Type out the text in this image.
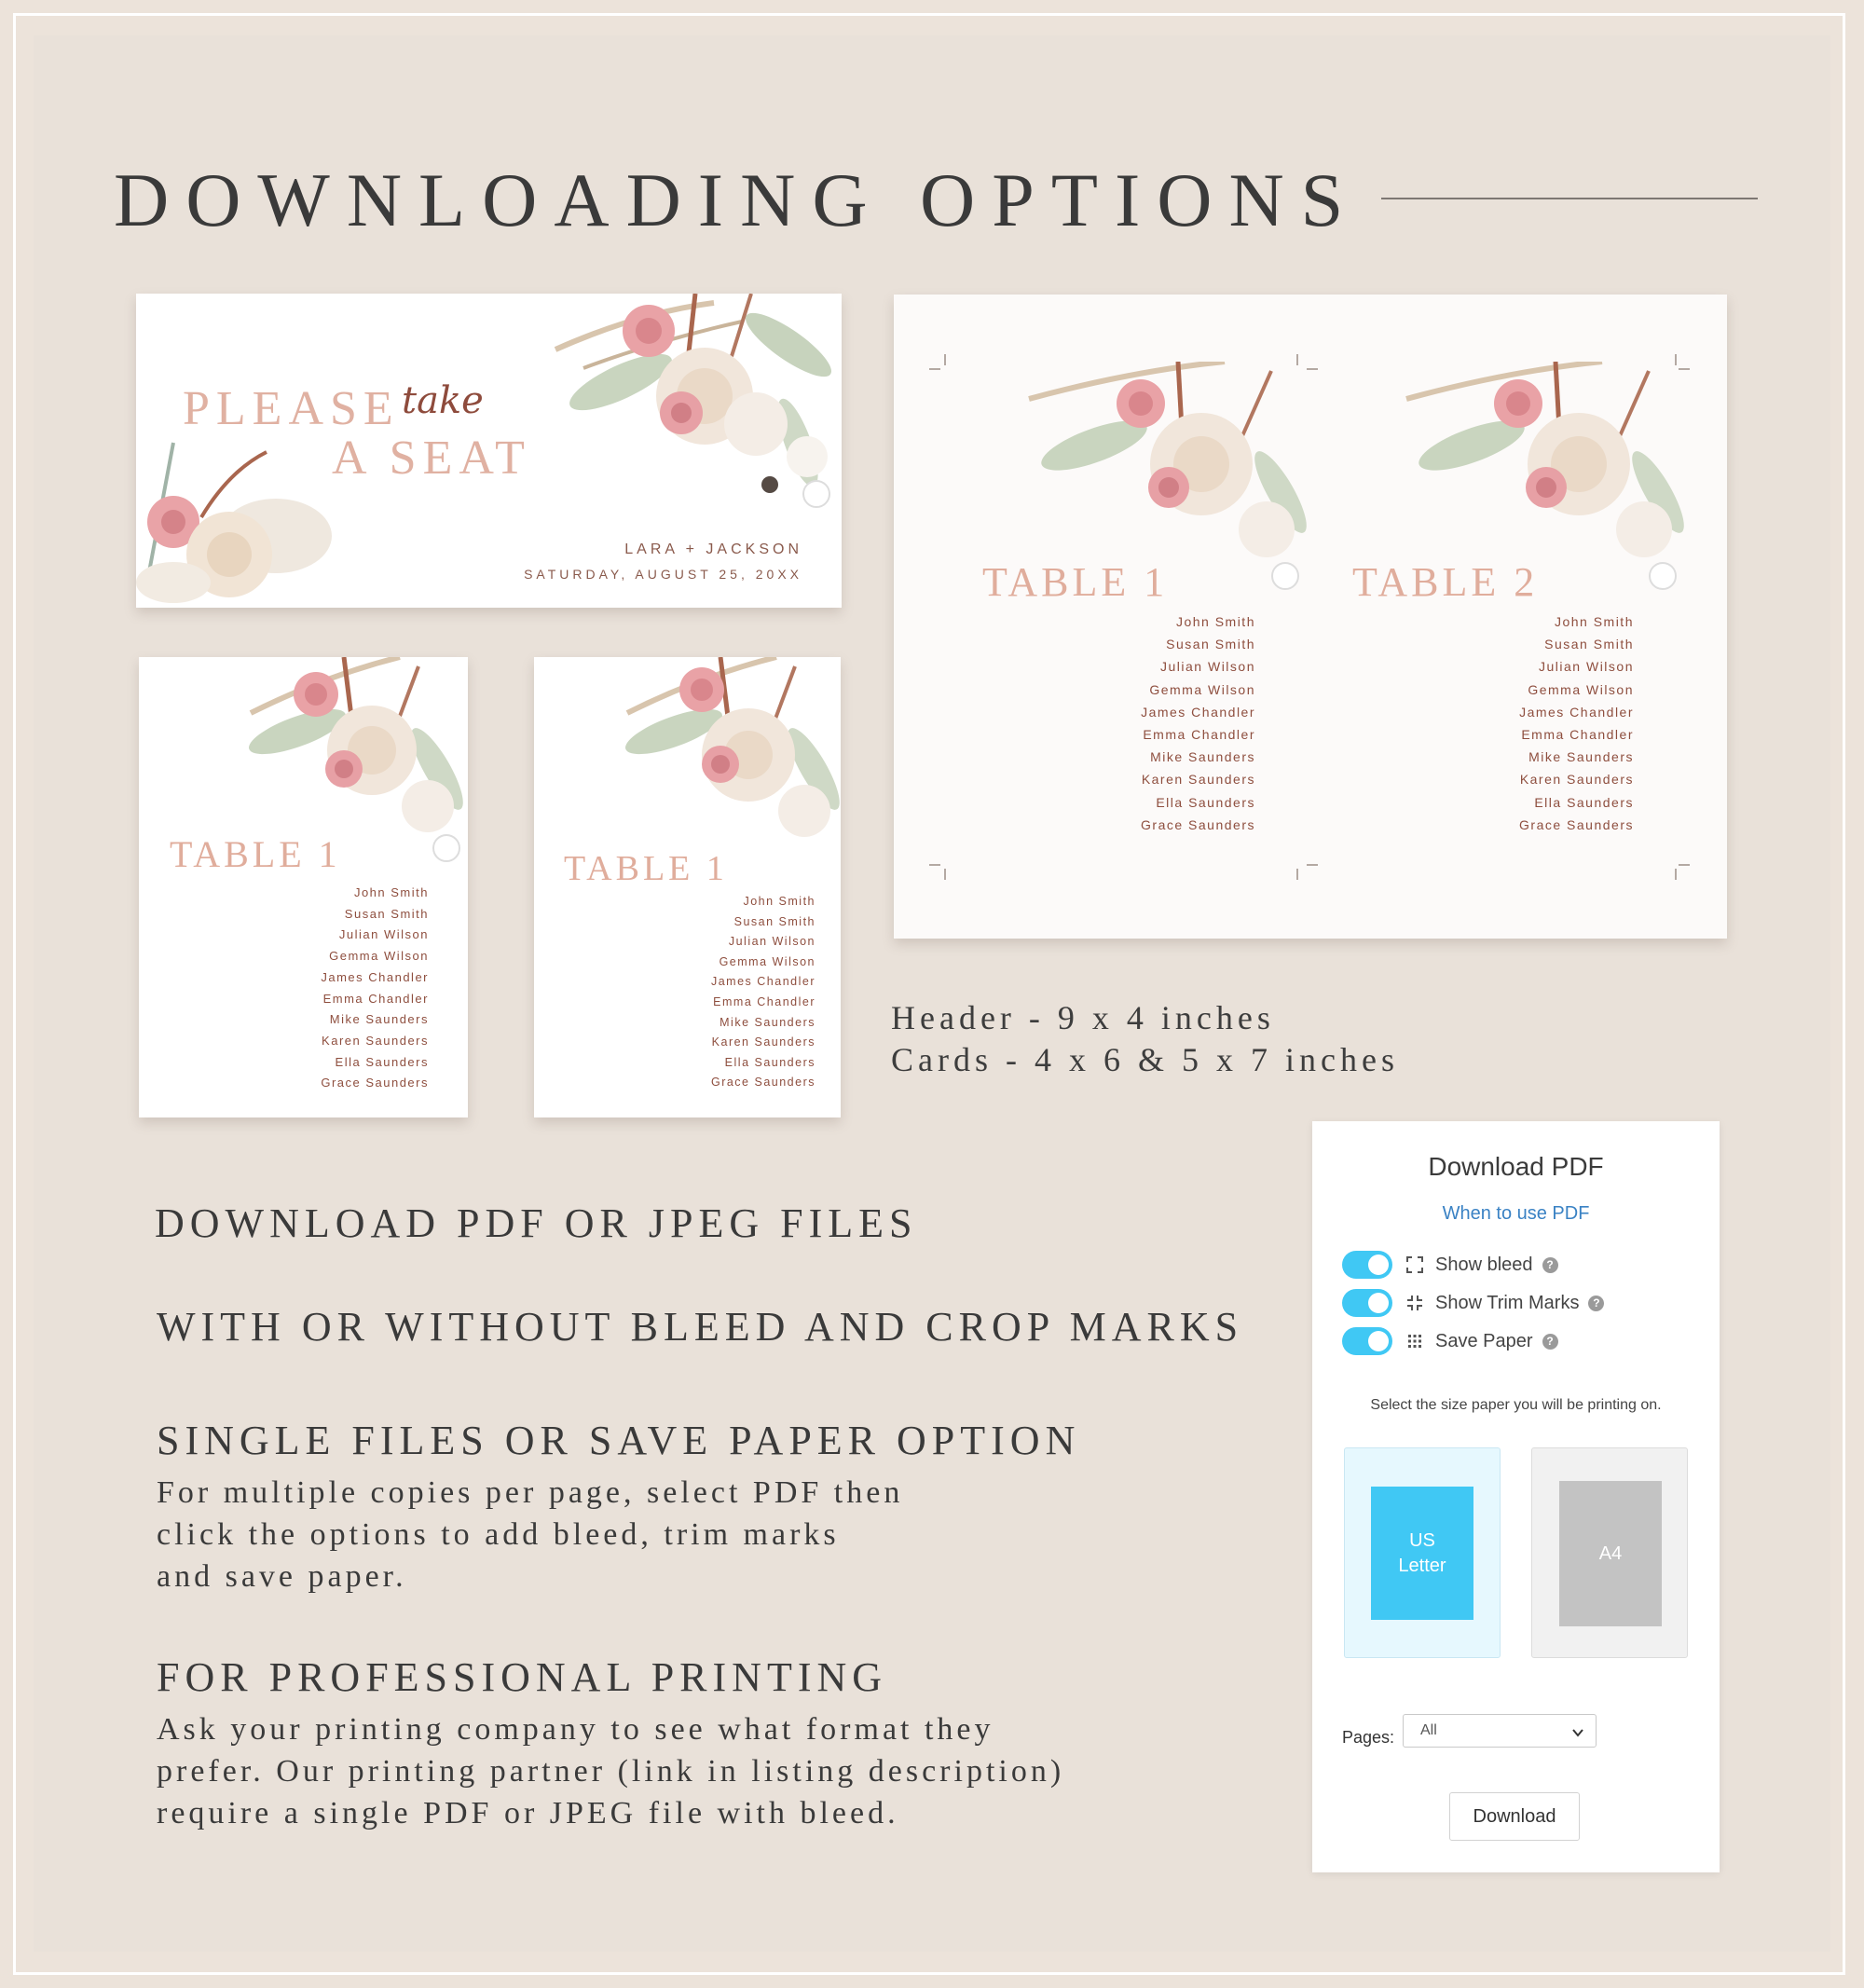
DOWNLOADING OPTIONS
PLEASE take
A SEAT
LARA + JACKSON
SATURDAY, AUGUST 25, 20XX
TABLE 1
John Smith
Susan Smith
Julian Wilson
Gemma Wilson
James Chandler
Emma Chandler
Mike Saunders
Karen Saunders
Ella Saunders
Grace Saunders
TABLE 1
John Smith
Susan Smith
Julian Wilson
Gemma Wilson
James Chandler
Emma Chandler
Mike Saunders
Karen Saunders
Ella Saunders
Grace Saunders
TABLE 1
John Smith
Susan Smith
Julian Wilson
Gemma Wilson
James Chandler
Emma Chandler
Mike Saunders
Karen Saunders
Ella Saunders
Grace Saunders
TABLE 2
John Smith
Susan Smith
Julian Wilson
Gemma Wilson
James Chandler
Emma Chandler
Mike Saunders
Karen Saunders
Ella Saunders
Grace Saunders
Header - 9 x 4 inches
Cards - 4 x 6 & 5 x 7 inches
DOWNLOAD PDF OR JPEG FILES
WITH OR WITHOUT BLEED AND CROP MARKS
SINGLE FILES OR SAVE PAPER OPTION
For multiple copies per page, select PDF then
click the options to add bleed, trim marks
and save paper.
FOR PROFESSIONAL PRINTING
Ask your printing company to see what format they
prefer. Our printing partner (link in listing description)
require a single PDF or JPEG file with bleed.
Download PDF
When to use PDF
Show bleed	?
Show Trim Marks	?
Save Paper	?
Select the size paper you will be printing on.
US
Letter
A4
Pages: All
Download
